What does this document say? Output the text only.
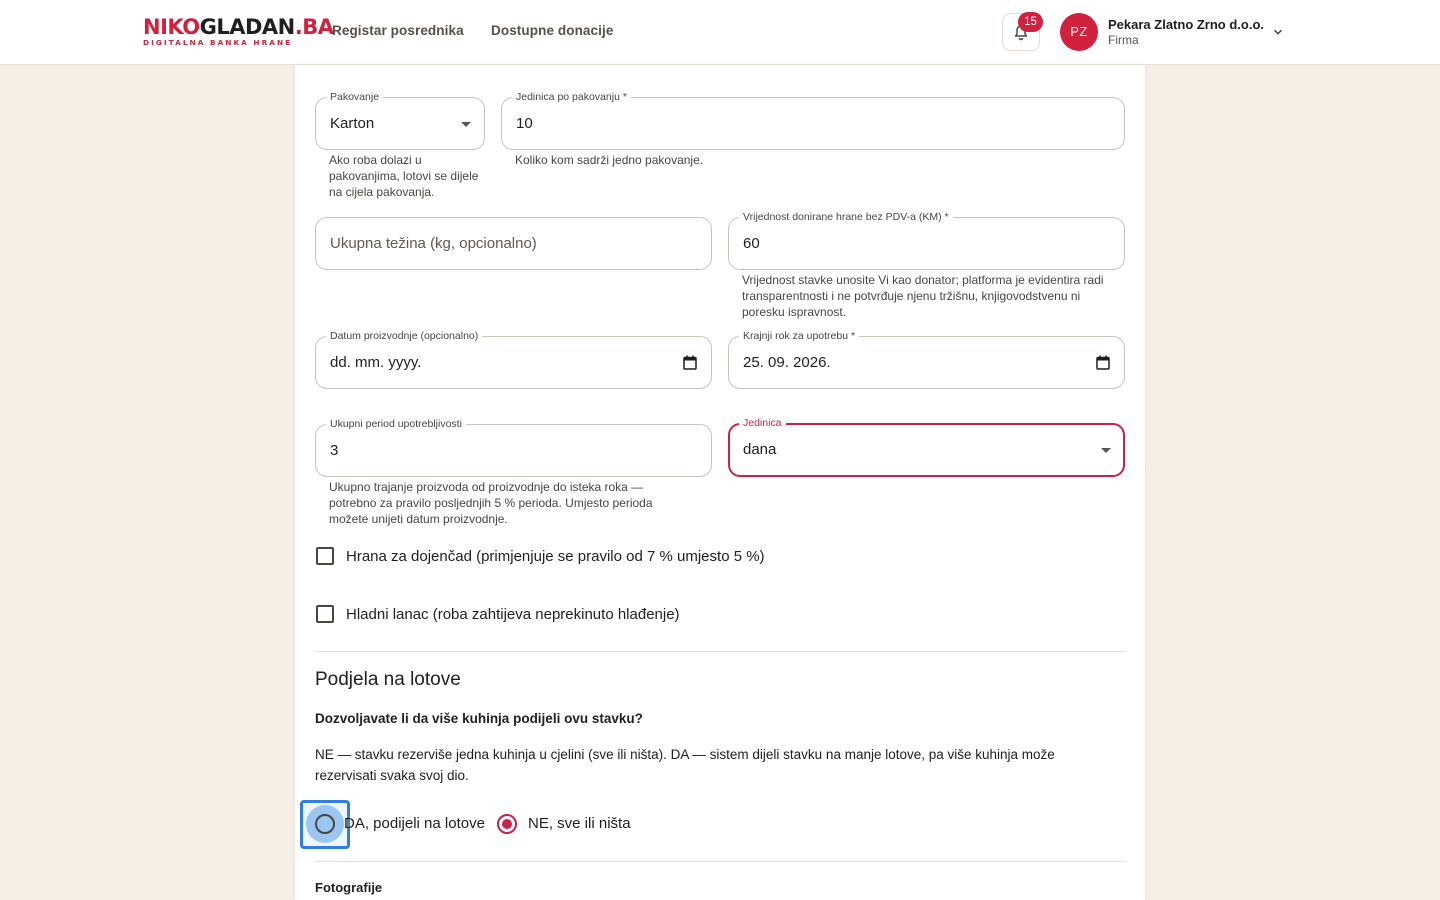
NIKOGLADAN.BA
DIGITALNA BANKA HRANE
Registar posrednika Dostupne donacije
15
PZ	Pekara Zlatno Zrno d.o.o.
Firma
Pakovanje
Karton
Ako roba dolazi u pakovanjima, lotovi se dijele na cijela pakovanja.
Jedinica po pakovanju *
10
Koliko kom sadrži jedno pakovanje.
Ukupna težina (kg, opcionalno)
Vrijednost donirane hrane bez PDV-a (KM) *
60
Vrijednost stavke unosite Vi kao donator; platforma je evidentira radi transparentnosti i ne potvrđuje njenu tržišnu, knjigovodstvenu ni poresku ispravnost.
Datum proizvodnje (opcionalno)
dd. mm. yyyy.
Krajnji rok za upotrebu *
25. 09. 2026.
Ukupni period upotrebljivosti
3
Ukupno trajanje proizvoda od proizvodnje do isteka roka — potrebno za pravilo posljednjih 5 % perioda. Umjesto perioda možete unijeti datum proizvodnje.
Jedinica
dana
Hrana za dojenčad (primjenjuje se pravilo od 7 % umjesto 5 %)
Hladni lanac (roba zahtijeva neprekinuto hlađenje)
Podjela na lotove
Dozvoljavate li da više kuhinja podijeli ovu stavku?
NE — stavku rezerviše jedna kuhinja u cjelini (sve ili ništa). DA — sistem dijeli stavku na manje lotove, pa više kuhinja može rezervisati svaka svoj dio.
DA, podijeli na lotove	NE, sve ili ništa
Fotografije
